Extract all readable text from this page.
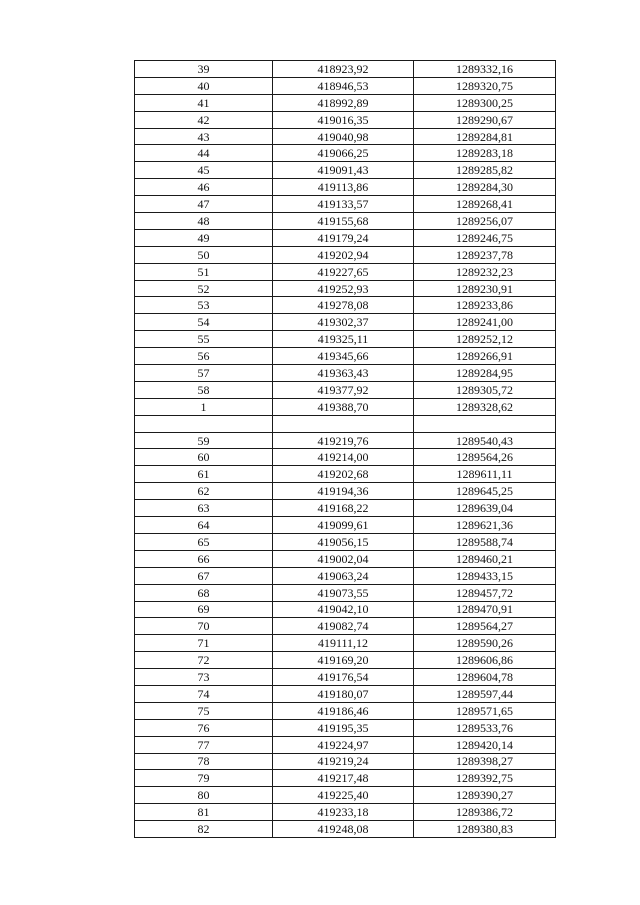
39	418923,92	1289332,16
40	418946,53	1289320,75
41	418992,89	1289300,25
42	419016,35	1289290,67
43	419040,98	1289284,81
44	419066,25	1289283,18
45	419091,43	1289285,82
46	419113,86	1289284,30
47	419133,57	1289268,41
48	419155,68	1289256,07
49	419179,24	1289246,75
50	419202,94	1289237,78
51	419227,65	1289232,23
52	419252,93	1289230,91
53	419278,08	1289233,86
54	419302,37	1289241,00
55	419325,11	1289252,12
56	419345,66	1289266,91
57	419363,43	1289284,95
58	419377,92	1289305,72
1	419388,70	1289328,62

59	419219,76	1289540,43
60	419214,00	1289564,26
61	419202,68	1289611,11
62	419194,36	1289645,25
63	419168,22	1289639,04
64	419099,61	1289621,36
65	419056,15	1289588,74
66	419002,04	1289460,21
67	419063,24	1289433,15
68	419073,55	1289457,72
69	419042,10	1289470,91
70	419082,74	1289564,27
71	419111,12	1289590,26
72	419169,20	1289606,86
73	419176,54	1289604,78
74	419180,07	1289597,44
75	419186,46	1289571,65
76	419195,35	1289533,76
77	419224,97	1289420,14
78	419219,24	1289398,27
79	419217,48	1289392,75
80	419225,40	1289390,27
81	419233,18	1289386,72
82	419248,08	1289380,83
